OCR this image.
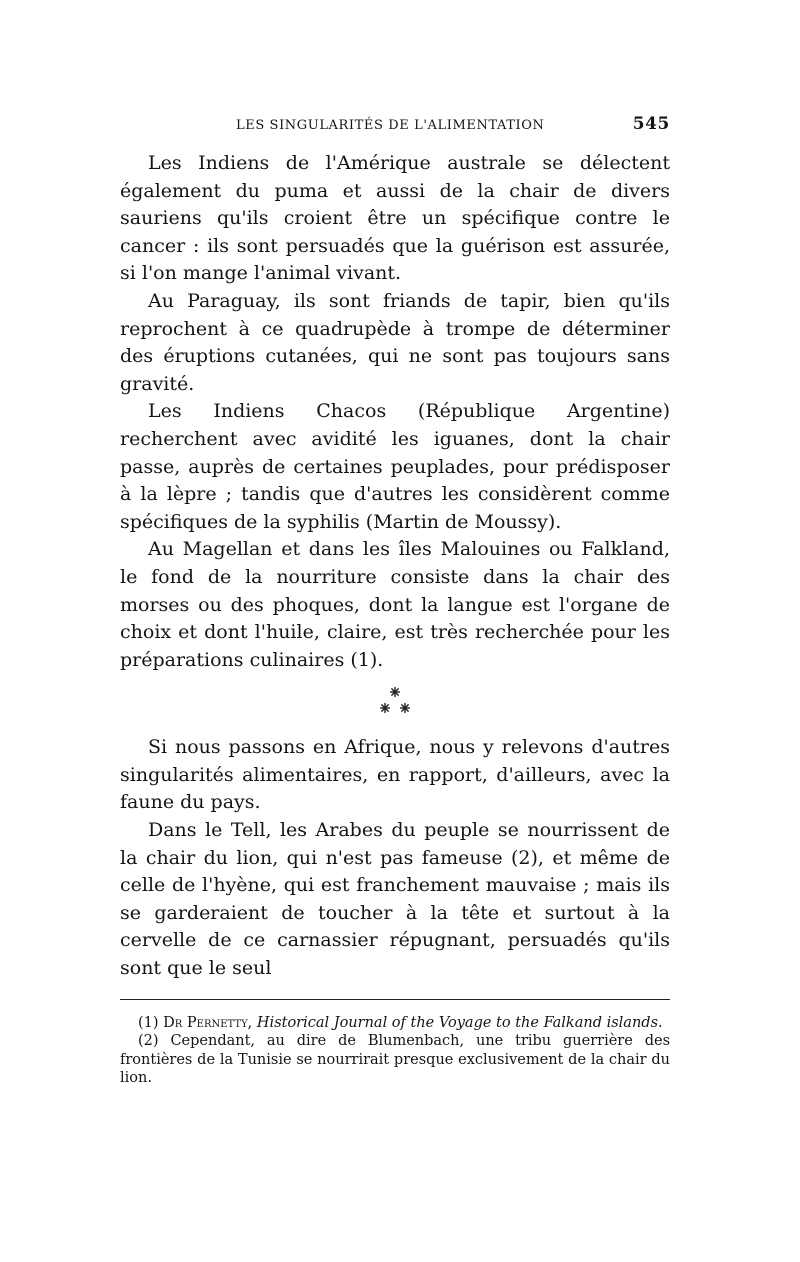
LES SINGULARITÉS DE L'ALIMENTATION	545

Les Indiens de l'Amérique australe se délectent également du puma et aussi de la chair de divers sauriens qu'ils croient être un spécifique contre le cancer : ils sont persuadés que la guérison est assurée, si l'on mange l'animal vivant.

Au Paraguay, ils sont friands de tapir, bien qu'ils reprochent à ce quadrupède à trompe de déterminer des éruptions cutanées, qui ne sont pas toujours sans gravité.

Les Indiens Chacos (République Argentine) recherchent avec avidité les iguanes, dont la chair passe, auprès de certaines peuplades, pour prédisposer à la lèpre ; tandis que d'autres les considèrent comme spécifiques de la syphilis (Martin de Moussy).

Au Magellan et dans les îles Malouines ou Falkland, le fond de la nourriture consiste dans la chair des morses ou des phoques, dont la langue est l'organe de choix et dont l'huile, claire, est très recherchée pour les préparations culinaires (1).

Si nous passons en Afrique, nous y relevons d'autres singularités alimentaires, en rapport, d'ailleurs, avec la faune du pays.

Dans le Tell, les Arabes du peuple se nourrissent de la chair du lion, qui n'est pas fameuse (2), et même de celle de l'hyène, qui est franchement mauvaise ; mais ils se garderaient de toucher à la tête et surtout à la cervelle de ce carnassier répugnant, persuadés qu'ils sont que le seul

(1) Dr Pernetty, Historical Journal of the Voyage to the Falkand islands.

(2) Cependant, au dire de Blumenbach, une tribu guerrière des frontières de la Tunisie se nourrirait presque exclusivement de la chair du lion.
